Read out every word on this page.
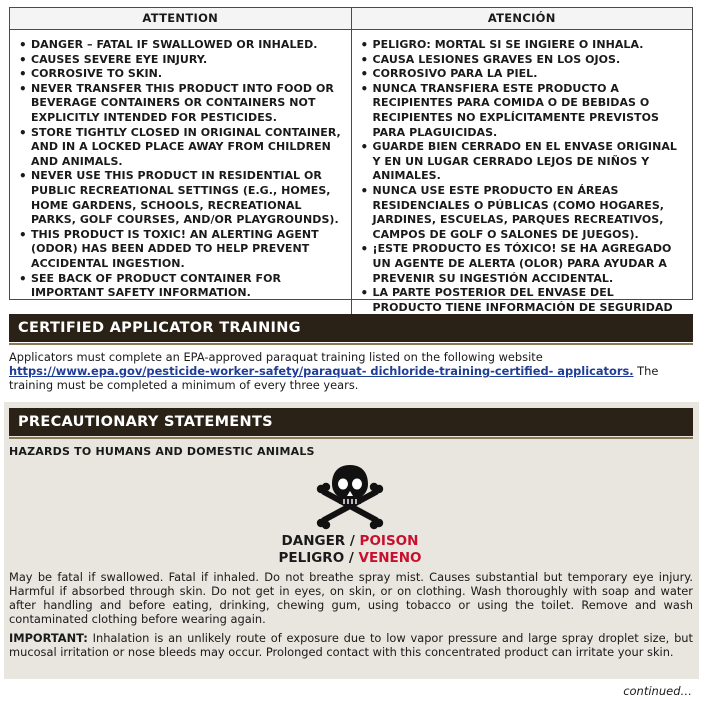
ATTENTION	ATENCIÓN
• DANGER – FATAL IF SWALLOWED OR INHALED.
• CAUSES SEVERE EYE INJURY.
• CORROSIVE TO SKIN.
• NEVER TRANSFER THIS PRODUCT INTO FOOD OR BEVERAGE CONTAINERS OR CONTAINERS NOT EXPLICITLY INTENDED FOR PESTICIDES.
• STORE TIGHTLY CLOSED IN ORIGINAL CONTAINER, AND IN A LOCKED PLACE AWAY FROM CHILDREN AND ANIMALS.
• NEVER USE THIS PRODUCT IN RESIDENTIAL OR PUBLIC RECREATIONAL SETTINGS (E.G., HOMES, HOME GARDENS, SCHOOLS, RECREATIONAL PARKS, GOLF COURSES, AND/OR PLAYGROUNDS).
• THIS PRODUCT IS TOXIC! AN ALERTING AGENT (ODOR) HAS BEEN ADDED TO HELP PREVENT ACCIDENTAL INGESTION.
• SEE BACK OF PRODUCT CONTAINER FOR IMPORTANT SAFETY INFORMATION.
• PELIGRO: MORTAL SI SE INGIERE O INHALA.
• CAUSA LESIONES GRAVES EN LOS OJOS.
• CORROSIVO PARA LA PIEL.
• NUNCA TRANSFIERA ESTE PRODUCTO A RECIPIENTES PARA COMIDA O DE BEBIDAS O RECIPIENTES NO EXPLÍCITAMENTE PREVISTOS PARA PLAGUICIDAS.
• GUARDE BIEN CERRADO EN EL ENVASE ORIGINAL Y EN UN LUGAR CERRADO LEJOS DE NIÑOS Y ANIMALES.
• NUNCA USE ESTE PRODUCTO EN ÁREAS RESIDENCIALES O PÚBLICAS (COMO HOGARES, JARDINES, ESCUELAS, PARQUES RECREATIVOS, CAMPOS DE GOLF O SALONES DE JUEGOS).
• ¡ESTE PRODUCTO ES TÓXICO! SE HA AGREGADO UN AGENTE DE ALERTA (OLOR) PARA AYUDAR A PREVENIR SU INGESTIÓN ACCIDENTAL.
• LA PARTE POSTERIOR DEL ENVASE DEL PRODUCTO TIENE INFORMACIÓN DE SEGURIDAD
CERTIFIED APPLICATOR TRAINING
Applicators must complete an EPA-approved paraquat training listed on the following website https://www.epa.gov/pesticide-worker-safety/paraquat- dichloride-training-certified- applicators. The training must be completed a minimum of every three years.
PRECAUTIONARY STATEMENTS
HAZARDS TO HUMANS AND DOMESTIC ANIMALS
DANGER / POISON
PELIGRO / VENENO
May be fatal if swallowed. Fatal if inhaled. Do not breathe spray mist. Causes substantial but temporary eye injury. Harmful if absorbed through skin. Do not get in eyes, on skin, or on clothing. Wash thoroughly with soap and water after handling and before eating, drinking, chewing gum, using tobacco or using the toilet. Remove and wash contaminated clothing before wearing again.
IMPORTANT: Inhalation is an unlikely route of exposure due to low vapor pressure and large spray droplet size, but mucosal irritation or nose bleeds may occur. Prolonged contact with this concentrated product can irritate your skin.
continued…
